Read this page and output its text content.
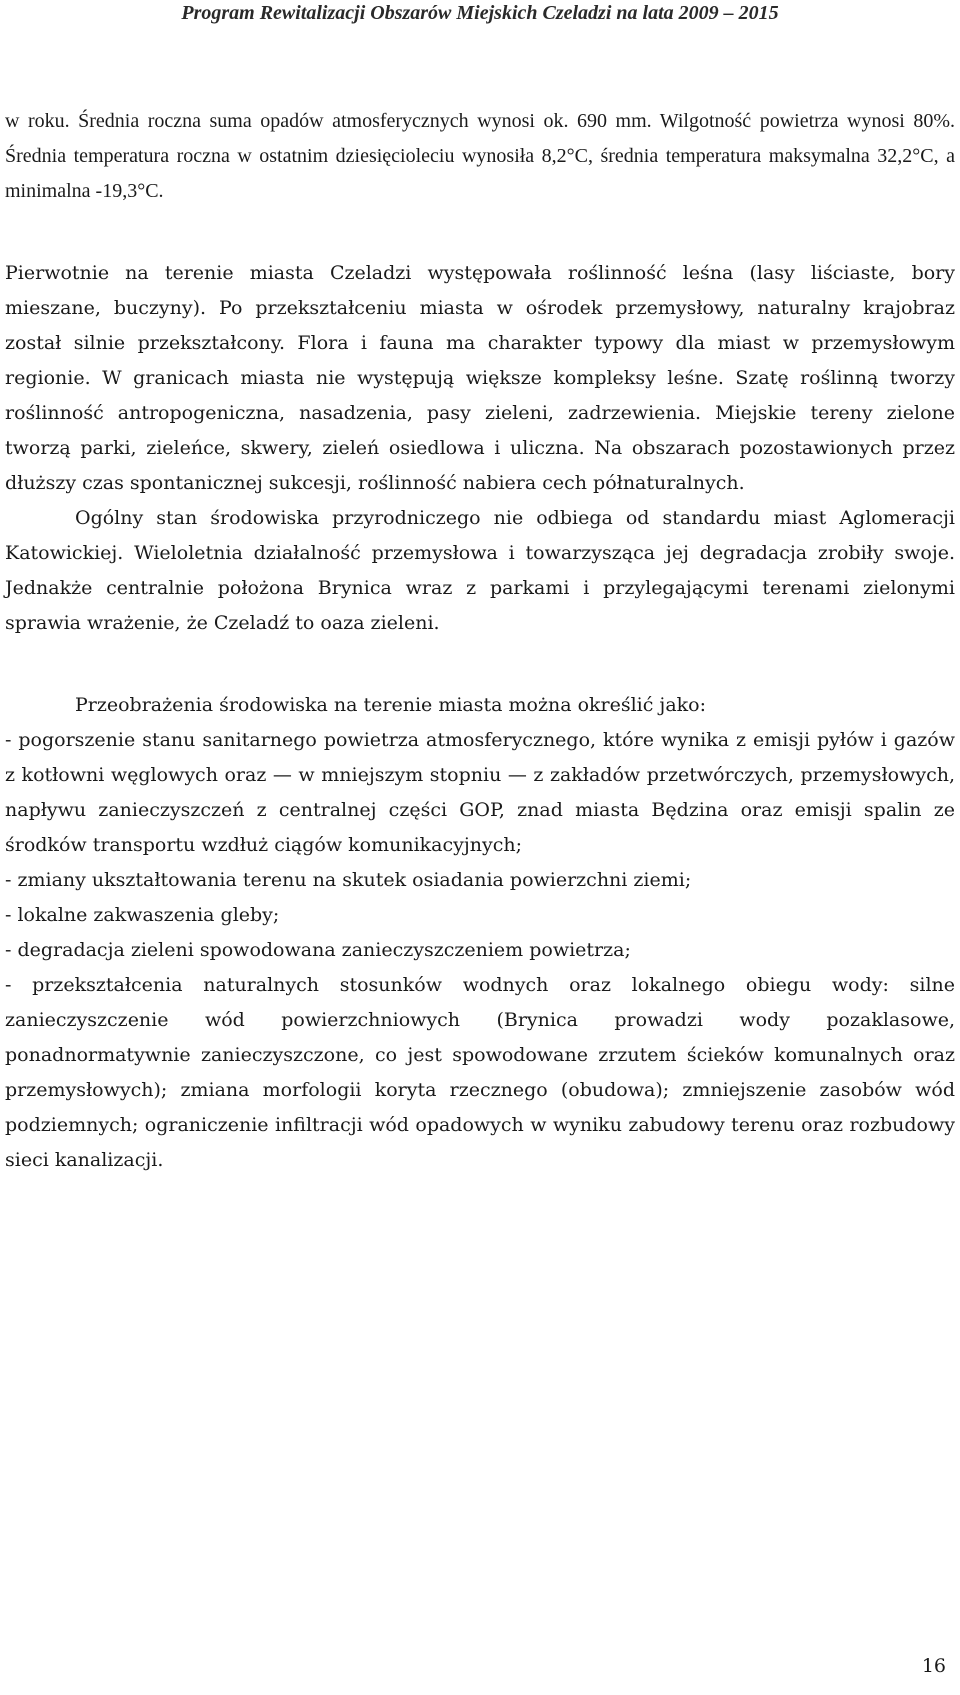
Program Rewitalizacji Obszarów Miejskich Czeladzi na lata 2009 – 2015

w roku. Średnia roczna suma opadów atmosferycznych wynosi ok. 690 mm. Wilgotność powietrza wynosi 80%. Średnia temperatura roczna w ostatnim dziesięcioleciu wynosiła 8,2°C, średnia temperatura maksymalna 32,2°C, a minimalna -19,3°C.

Pierwotnie na terenie miasta Czeladzi występowała roślinność leśna (lasy liściaste, bory mieszane, buczyny). Po przekształceniu miasta w ośrodek przemysłowy, naturalny krajobraz został silnie przekształcony. Flora i fauna ma charakter typowy dla miast w przemysłowym regionie. W granicach miasta nie występują większe kompleksy leśne. Szatę roślinną tworzy roślinność antropogeniczna, nasadzenia, pasy zieleni, zadrzewienia. Miejskie tereny zielone tworzą parki, zieleńce, skwery, zieleń osiedlowa i uliczna. Na obszarach pozostawionych przez dłuższy czas spontanicznej sukcesji, roślinność nabiera cech półnaturalnych.

Ogólny stan środowiska przyrodniczego nie odbiega od standardu miast Aglomeracji Katowickiej. Wieloletnia działalność przemysłowa i towarzysząca jej degradacja zrobiły swoje. Jednakże centralnie położona Brynica wraz z parkami i przylegającymi terenami zielonymi sprawia wrażenie, że Czeladź to oaza zieleni.

Przeobrażenia środowiska na terenie miasta można określić jako:

- pogorszenie stanu sanitarnego powietrza atmosferycznego, które wynika z emisji pyłów i gazów z kotłowni węglowych oraz — w mniejszym stopniu — z zakładów przetwórczych, przemysłowych, napływu zanieczyszczeń z centralnej części GOP, znad miasta Będzina oraz emisji spalin ze środków transportu wzdłuż ciągów komunikacyjnych;

- zmiany ukształtowania terenu na skutek osiadania powierzchni ziemi;

- lokalne zakwaszenia gleby;

- degradacja zieleni spowodowana zanieczyszczeniem powietrza;

- przekształcenia naturalnych stosunków wodnych oraz lokalnego obiegu wody: silne zanieczyszczenie wód powierzchniowych (Brynica prowadzi wody pozaklasowe, ponadnormatywnie zanieczyszczone, co jest spowodowane zrzutem ścieków komunalnych oraz przemysłowych); zmiana morfologii koryta rzecznego (obudowa); zmniejszenie zasobów wód podziemnych; ograniczenie infiltracji wód opadowych w wyniku zabudowy terenu oraz rozbudowy sieci kanalizacji.

16
